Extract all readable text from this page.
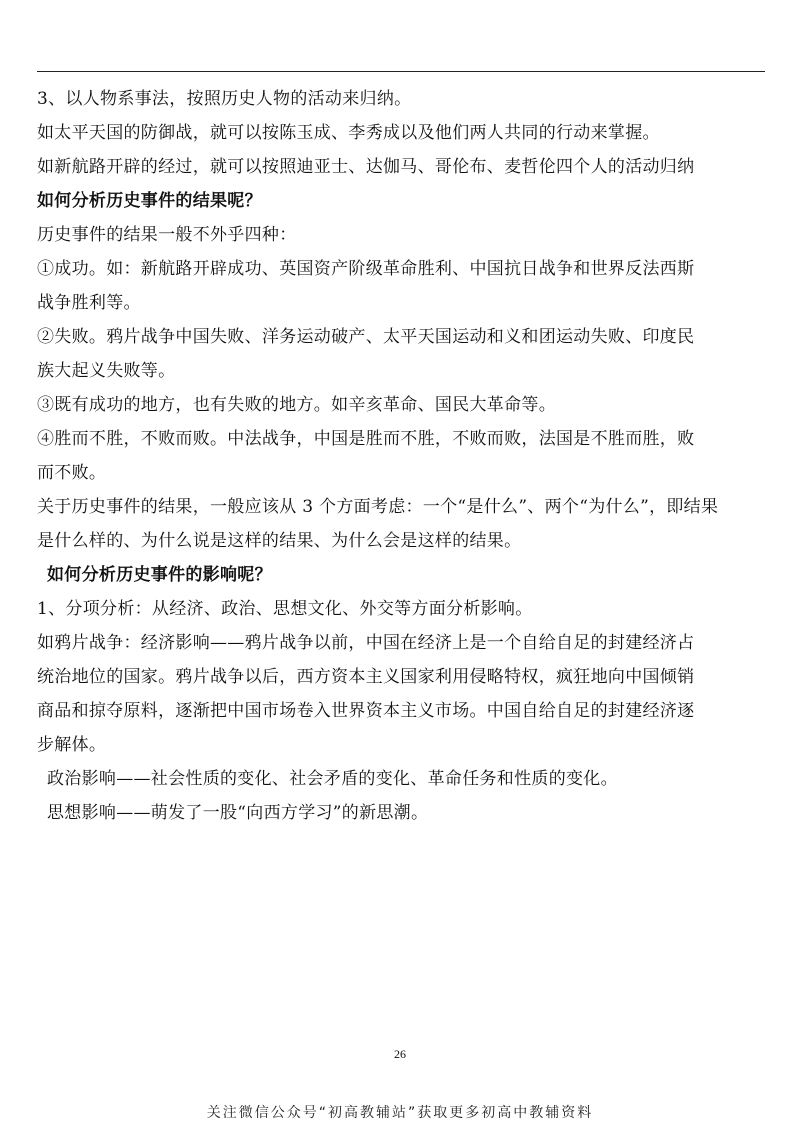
3、以人物系事法，按照历史人物的活动来归纳。
如太平天国的防御战，就可以按陈玉成、李秀成以及他们两人共同的行动来掌握。
如新航路开辟的经过，就可以按照迪亚士、达伽马、哥伦布、麦哲伦四个人的活动归纳
如何分析历史事件的结果呢？
历史事件的结果一般不外乎四种：
①成功。如：新航路开辟成功、英国资产阶级革命胜利、中国抗日战争和世界反法西斯
战争胜利等。
②失败。鸦片战争中国失败、洋务运动破产、太平天国运动和义和团运动失败、印度民
族大起义失败等。
③既有成功的地方，也有失败的地方。如辛亥革命、国民大革命等。
④胜而不胜，不败而败。中法战争，中国是胜而不胜，不败而败，法国是不胜而胜，败
而不败。
关于历史事件的结果，一般应该从 3 个方面考虑：一个“是什么”、两个“为什么”，即结果
是什么样的、为什么说是这样的结果、为什么会是这样的结果。
如何分析历史事件的影响呢？
1、分项分析：从经济、政治、思想文化、外交等方面分析影响。
如鸦片战争：经济影响——鸦片战争以前，中国在经济上是一个自给自足的封建经济占
统治地位的国家。鸦片战争以后，西方资本主义国家利用侵略特权，疯狂地向中国倾销
商品和掠夺原料，逐渐把中国市场卷入世界资本主义市场。中国自给自足的封建经济逐
步解体。
政治影响——社会性质的变化、社会矛盾的变化、革命任务和性质的变化。
思想影响——萌发了一股“向西方学习”的新思潮。
26
关注微信公众号“初高教辅站”获取更多初高中教辅资料
